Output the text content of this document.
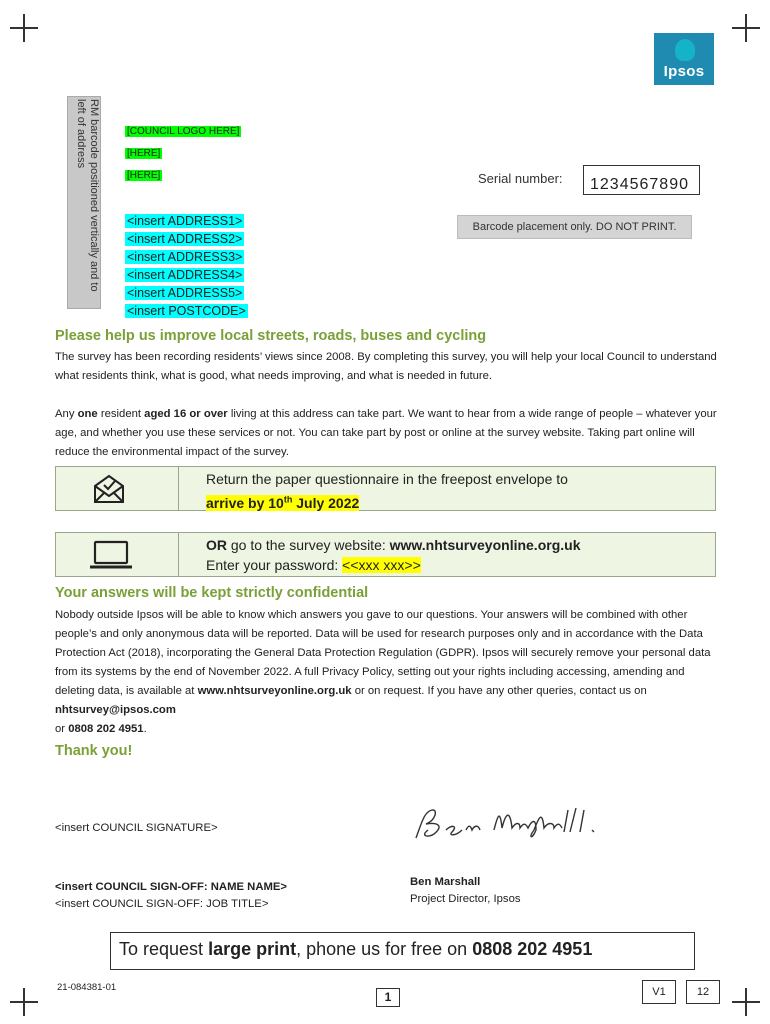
Ipsos
RM barcode positioned vertically and to left of address	[COUNCIL LOGO HERE]
[HERE]
[HERE]	Serial number:	1234567890
Barcode placement only. DO NOT PRINT.
<insert ADDRESS1>
<insert ADDRESS2>
<insert ADDRESS3>
<insert ADDRESS4>
<insert ADDRESS5>
<insert POSTCODE>
Please help us improve local streets, roads, buses and cycling
The survey has been recording residents’ views since 2008. By completing this survey, you will help your local Council to understand what residents think, what is good, what needs improving, and what is needed in future.
Any one resident aged 16 or over living at this address can take part. We want to hear from a wide range of people – whatever your age, and whether you use these services or not. You can take part by post or online at the survey website. Taking part online will reduce the environmental impact of the survey.
Return the paper questionnaire in the freepost envelope to
arrive by 10th July 2022
OR go to the survey website: www.nhtsurveyonline.org.uk
Enter your password: <<xxx xxx>>
Your answers will be kept strictly confidential
Nobody outside Ipsos will be able to know which answers you gave to our questions. Your answers will be combined with other people’s and only anonymous data will be reported. Data will be used for research purposes only and in accordance with the Data Protection Act (2018), incorporating the General Data Protection Regulation (GDPR). Ipsos will securely remove your personal data from its systems by the end of November 2022. A full Privacy Policy, setting out your rights including accessing, amending and deleting data, is available at www.nhtsurveyonline.org.uk or on request. If you have any other queries, contact us on nhtsurvey@ipsos.com
or 0808 202 4951.
Thank you!
<insert COUNCIL SIGNATURE>
<insert COUNCIL SIGN-OFF: NAME NAME>
<insert COUNCIL SIGN-OFF: JOB TITLE>
Ben Marshall
Project Director, Ipsos
To request large print, phone us for free on 0808 202 4951
21-084381-01
1	V1	12
